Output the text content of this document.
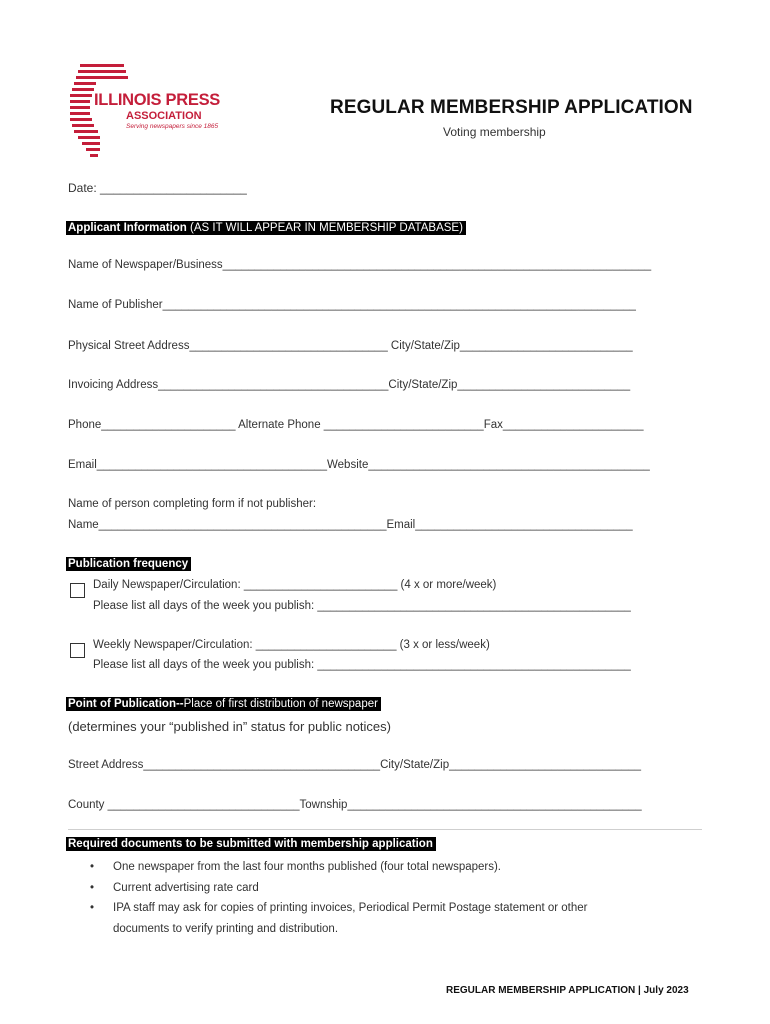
ILLINOIS PRESS
ASSOCIATION
Serving newspapers since 1865
REGULAR MEMBERSHIP APPLICATION
Voting membership
Date: ______________________
Applicant Information (AS IT WILL APPEAR IN MEMBERSHIP DATABASE)
Name of Newspaper/Business___________________________________________________________________
Name of Publisher__________________________________________________________________________
Physical Street Address_______________________________ City/State/Zip___________________________
Invoicing Address____________________________________City/State/Zip___________________________
Phone_____________________ Alternate Phone _________________________Fax______________________
Email____________________________________Website____________________________________________
Name of person completing form if not publisher:
Name_____________________________________________Email__________________________________
Publication frequency
Daily Newspaper/Circulation: ________________________ (4 x or more/week)
Please list all days of the week you publish: _________________________________________________
Weekly Newspaper/Circulation: ______________________ (3 x or less/week)
Please list all days of the week you publish: _________________________________________________
Point of Publication--Place of first distribution of newspaper
(determines your “published in” status for public notices)
Street Address_____________________________________City/State/Zip______________________________
County ______________________________Township______________________________________________
Required documents to be submitted with membership application
• One newspaper from the last four months published (four total newspapers).
• Current advertising rate card
• IPA staff may ask for copies of printing invoices, Periodical Permit Postage statement or other
documents to verify printing and distribution.
REGULAR MEMBERSHIP APPLICATION | July 2023
